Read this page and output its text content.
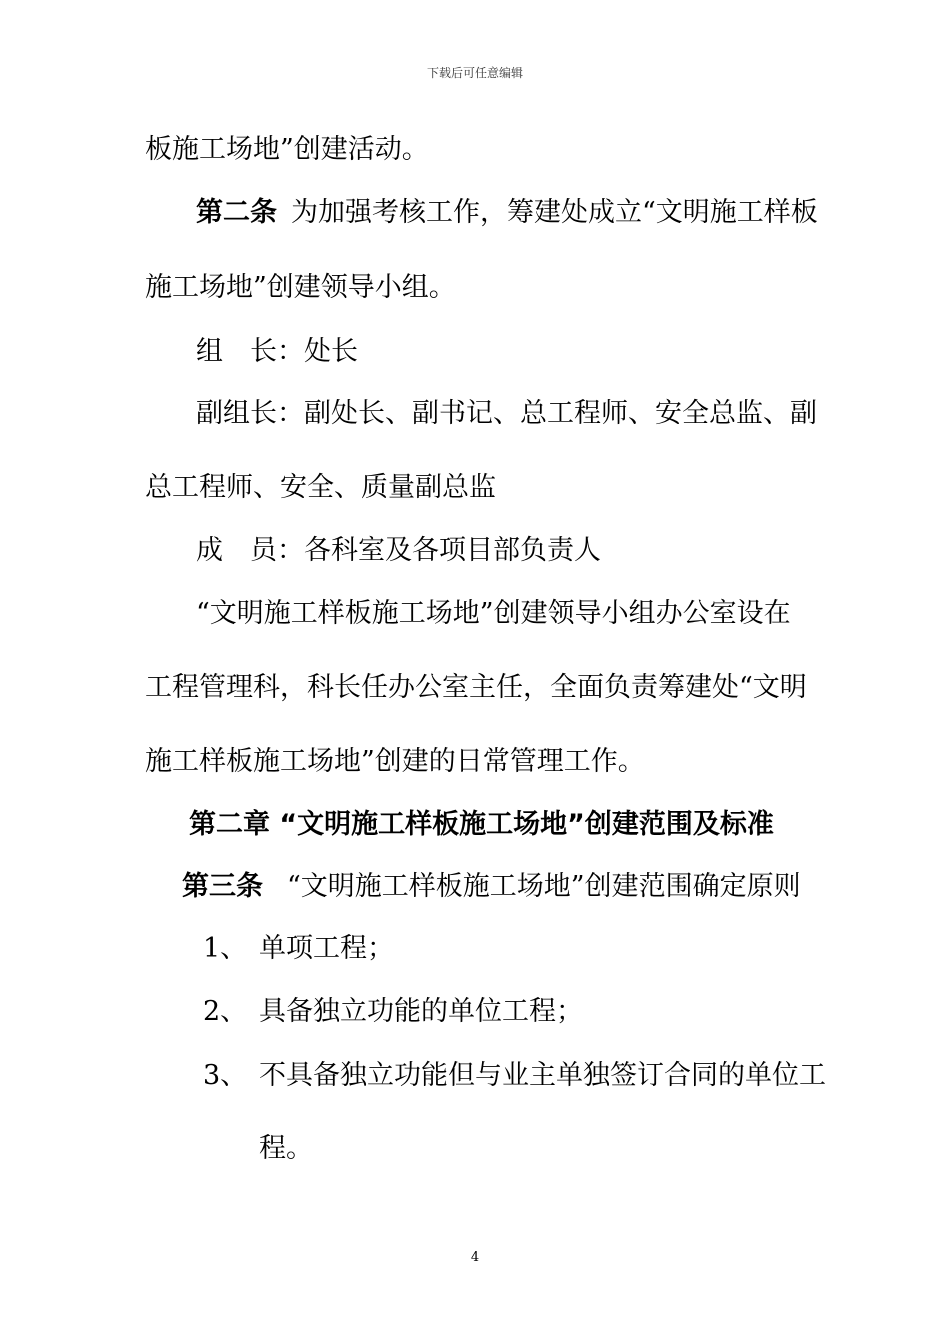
下载后可任意编辑
板施工场地”创建活动。
第二条 为加强考核工作，筹建处成立“文明施工样板
施工场地”创建领导小组。
组　长：处长
副组长：副处长、副书记、总工程师、安全总监、副
总工程师、安全、质量副总监
成　员：各科室及各项目部负责人
“文明施工样板施工场地”创建领导小组办公室设在
工程管理科，科长任办公室主任，全面负责筹建处“文明
施工样板施工场地”创建的日常管理工作。
第二章 “文明施工样板施工场地”创建范围及标准
第三条 “文明施工样板施工场地”创建范围确定原则
1、 单项工程；
2、 具备独立功能的单位工程；
3、 不具备独立功能但与业主单独签订合同的单位工
程。
4
